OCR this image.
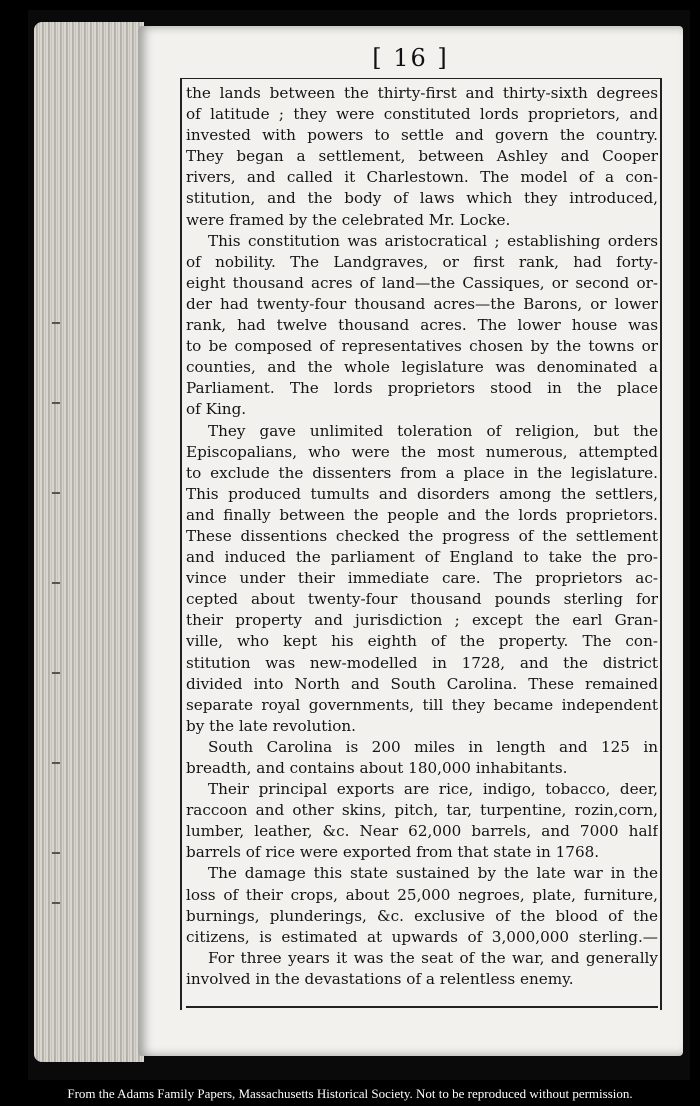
[ 16 ]
the lands between the thirty-first and thirty-sixth degrees
of latitude ; they were constituted lords proprietors, and
invested with powers to settle and govern the country.
They began a settlement, between Ashley and Cooper
rivers, and called it Charlestown. The model of a con-
stitution, and the body of laws which they introduced,
were framed by the celebrated Mr. Locke.
This constitution was aristocratical ; establishing orders
of nobility. The Landgraves, or first rank, had forty-
eight thousand acres of land—the Cassiques, or second or-
der had twenty-four thousand acres—the Barons, or lower
rank, had twelve thousand acres. The lower house was
to be composed of representatives chosen by the towns or
counties, and the whole legislature was denominated a
Parliament. The lords proprietors stood in the place
of King.
They gave unlimited toleration of religion, but the
Episcopalians, who were the most numerous, attempted
to exclude the dissenters from a place in the legislature.
This produced tumults and disorders among the settlers,
and finally between the people and the lords proprietors.
These dissentions checked the progress of the settlement
and induced the parliament of England to take the pro-
vince under their immediate care. The proprietors ac-
cepted about twenty-four thousand pounds sterling for
their property and jurisdiction ; except the earl Gran-
ville, who kept his eighth of the property. The con-
stitution was new-modelled in 1728, and the district
divided into North and South Carolina. These remained
separate royal governments, till they became independent
by the late revolution.
South Carolina is 200 miles in length and 125 in
breadth, and contains about 180,000 inhabitants.
Their principal exports are rice, indigo, tobacco, deer,
raccoon and other skins, pitch, tar, turpentine, rozin,corn,
lumber, leather, &c. Near 62,000 barrels, and 7000 half
barrels of rice were exported from that state in 1768.
The damage this state sustained by the late war in the
loss of their crops, about 25,000 negroes, plate, furniture,
burnings, plunderings, &c. exclusive of the blood of the
citizens, is estimated at upwards of 3,000,000 sterling.—
For three years it was the seat of the war, and generally
involved in the devastations of a relentless enemy.
From the Adams Family Papers, Massachusetts Historical Society. Not to be reproduced without permission.
